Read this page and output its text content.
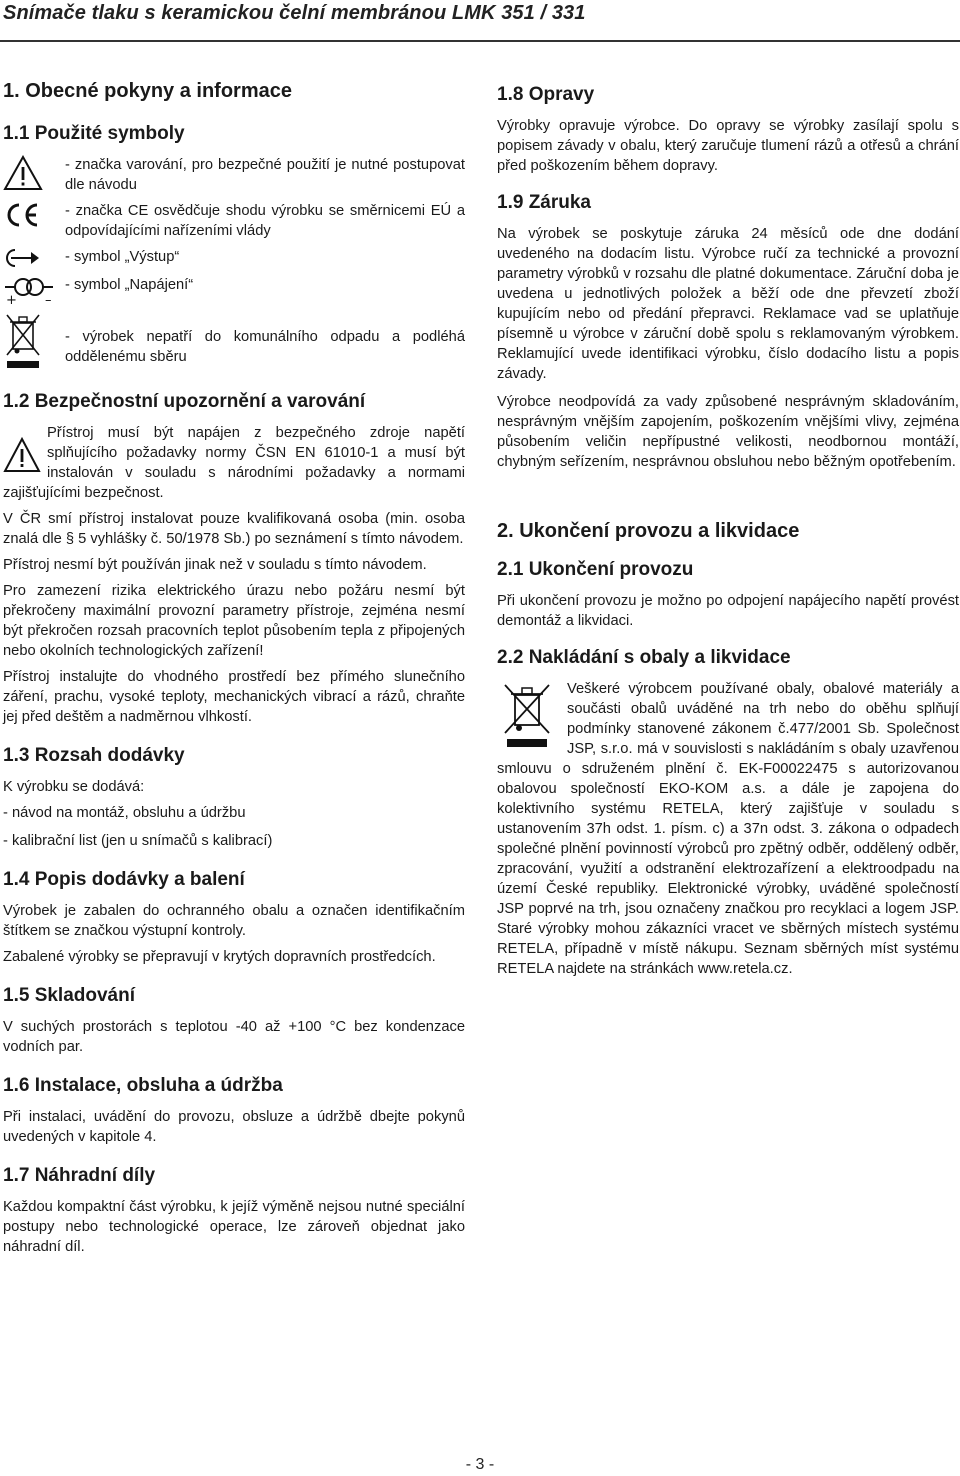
Snímače tlaku s keramickou čelní membránou LMK 351 / 331
1. Obecné pokyny a informace
1.1 Použité symboly
- značka varování, pro bezpečné použití je nutné postupovat dle návodu
- značka CE osvědčuje shodu výrobku se směrnicemi EÚ a odpovídajícími nařízeními vlády
- symbol „Výstup“
+ –
- symbol „Napájení“
- výrobek nepatří do komunálního odpadu a podléhá oddělenému sběru
1.2 Bezpečnostní upozornění a varování

Přístroj musí být napájen z bezpečného zdroje napětí splňujícího požadavky normy ČSN EN 61010-1 a musí být instalován v souladu s národními požadavky a normami zajišťujícími bezpečnost.

V ČR smí přístroj instalovat pouze kvalifikovaná osoba (min. osoba znalá dle § 5 vyhlášky č. 50/1978 Sb.) po seznámení s tímto návodem.

Přístroj nesmí být používán jinak než v souladu s tímto návodem.

Pro zamezení rizika elektrického úrazu nebo požáru nesmí být překročeny maximální provozní parametry přístroje, zejména nesmí být překročen rozsah pracovních teplot působením tepla z připojených nebo okolních technologických zařízení!

Přístroj instalujte do vhodného prostředí bez přímého slunečního záření, prachu, vysoké teploty, mechanických vibrací a rázů, chraňte jej před deštěm a nadměrnou vlhkostí.

1.3 Rozsah dodávky

K výrobku se dodává:

- návod na montáž, obsluhu a údržbu

- kalibrační list (jen u snímačů s kalibrací)

1.4 Popis dodávky a balení

Výrobek je zabalen do ochranného obalu a označen identifikačním štítkem se značkou výstupní kontroly.

Zabalené výrobky se přepravují v krytých dopravních prostředcích.

1.5 Skladování

V suchých prostorách s teplotou -40 až +100 °C bez kondenzace vodních par.

1.6 Instalace, obsluha a údržba

Při instalaci, uvádění do provozu, obsluze a údržbě dbejte pokynů uvedených v kapitole 4.

1.7 Náhradní díly

Každou kompaktní část výrobku, k jejíž výměně nejsou nutné speciální postupy nebo technologické operace, lze zároveň objednat jako náhradní díl.

1.8 Opravy

Výrobky opravuje výrobce. Do opravy se výrobky zasílají spolu s popisem závady v obalu, který zaručuje tlumení rázů a otřesů a chrání před poškozením během dopravy.

1.9 Záruka

Na výrobek se poskytuje záruka 24 měsíců ode dne dodání uvedeného na dodacím listu. Výrobce ručí za technické a provozní parametry výrobků v rozsahu dle platné dokumentace. Záruční doba je uvedena u jednotlivých položek a běží ode dne převzetí zboží kupujícím nebo od předání přepravci. Reklamace vad se uplatňuje písemně u výrobce v záruční době spolu s reklamovaným výrobkem. Reklamující uvede identifikaci výrobku, číslo dodacího listu a popis závady.

Výrobce neodpovídá za vady způsobené nesprávným skladováním, nesprávným vnějším zapojením, poškozením vnějšími vlivy, zejména působením veličin nepřípustné velikosti, neodbornou montáží, chybným seřízením, nesprávnou obsluhou nebo běžným opotřebením.

2. Ukončení provozu a likvidace
2.1 Ukončení provozu

Při ukončení provozu je možno po odpojení napájecího napětí provést demontáž a likvidaci.

2.2 Nakládání s obaly a likvidace

Veškeré výrobcem používané obaly, obalové materiály a součásti obalů uváděné na trh nebo do oběhu splňují podmínky stanovené zákonem č.477/2001 Sb. Společnost JSP, s.r.o. má v souvislosti s nakládáním s obaly uzavřenou smlouvu o sdruženém plnění č. EK-F00022475 s autorizovanou obalovou společností EKO-KOM a.s. a dále je zapojena do kolektivního systému RETELA, který zajišťuje v souladu s ustanovením 37h odst. 1. písm. c) a 37n odst. 3. zákona o odpadech společné plnění povinností výrobců pro zpětný odběr, oddělený odběr, zpracování, využití a odstranění elektrozařízení a elektroodpadu na území České republiky. Elektronické výrobky, uváděné společností JSP poprvé na trh, jsou označeny značkou pro recyklaci a logem JSP. Staré výrobky mohou zákazníci vracet ve sběrných místech systému RETELA, případně v místě nákupu. Seznam sběrných míst systému RETELA najdete na stránkách www.retela.cz.

- 3 -
